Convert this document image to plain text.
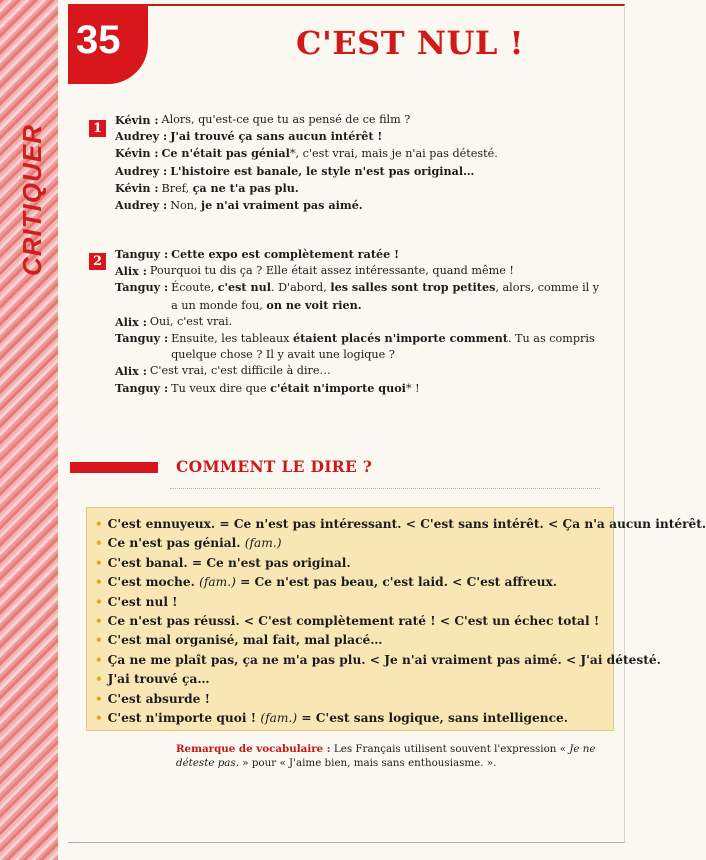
CRITIQUER
35	C'EST NUL !
1
Kévin : Alors, qu'est-ce que tu as pensé de ce film ?
Audrey : J'ai trouvé ça sans aucun intérêt !
Kévin : Ce n'était pas génial*, c'est vrai, mais je n'ai pas détesté.
Audrey : L'histoire est banale, le style n'est pas original…
Kévin : Bref, ça ne t'a pas plu.
Audrey : Non, je n'ai vraiment pas aimé.
2	Tanguy : Cette expo est complètement ratée !
Alix : Pourquoi tu dis ça ? Elle était assez intéressante, quand même !
Tanguy : Écoute, c'est nul. D'abord, les salles sont trop petites, alors, comme il y a un monde fou, on ne voit rien.
Alix : Oui, c'est vrai.
Tanguy : Ensuite, les tableaux étaient placés n'importe comment. Tu as compris quelque chose ? Il y avait une logique ?
Alix : C'est vrai, c'est difficile à dire…
Tanguy : Tu veux dire que c'était n'importe quoi* !
COMMENT LE DIRE ?
• C'est ennuyeux. = Ce n'est pas intéressant. < C'est sans intérêt. < Ça n'a aucun intérêt.
• Ce n'est pas génial. (fam.)
• C'est banal. = Ce n'est pas original.
• C'est moche. (fam.) = Ce n'est pas beau, c'est laid. < C'est affreux.
• C'est nul !
• Ce n'est pas réussi. < C'est complètement raté ! < C'est un échec total !
• C'est mal organisé, mal fait, mal placé…
• Ça ne me plaît pas, ça ne m'a pas plu. < Je n'ai vraiment pas aimé. < J'ai détesté.
• J'ai trouvé ça…
• C'est absurde !
• C'est n'importe quoi ! (fam.) = C'est sans logique, sans intelligence.
Remarque de vocabulaire : Les Français utilisent souvent l'expression « Je ne déteste pas. » pour « J'aime bien, mais sans enthousiasme. ».
